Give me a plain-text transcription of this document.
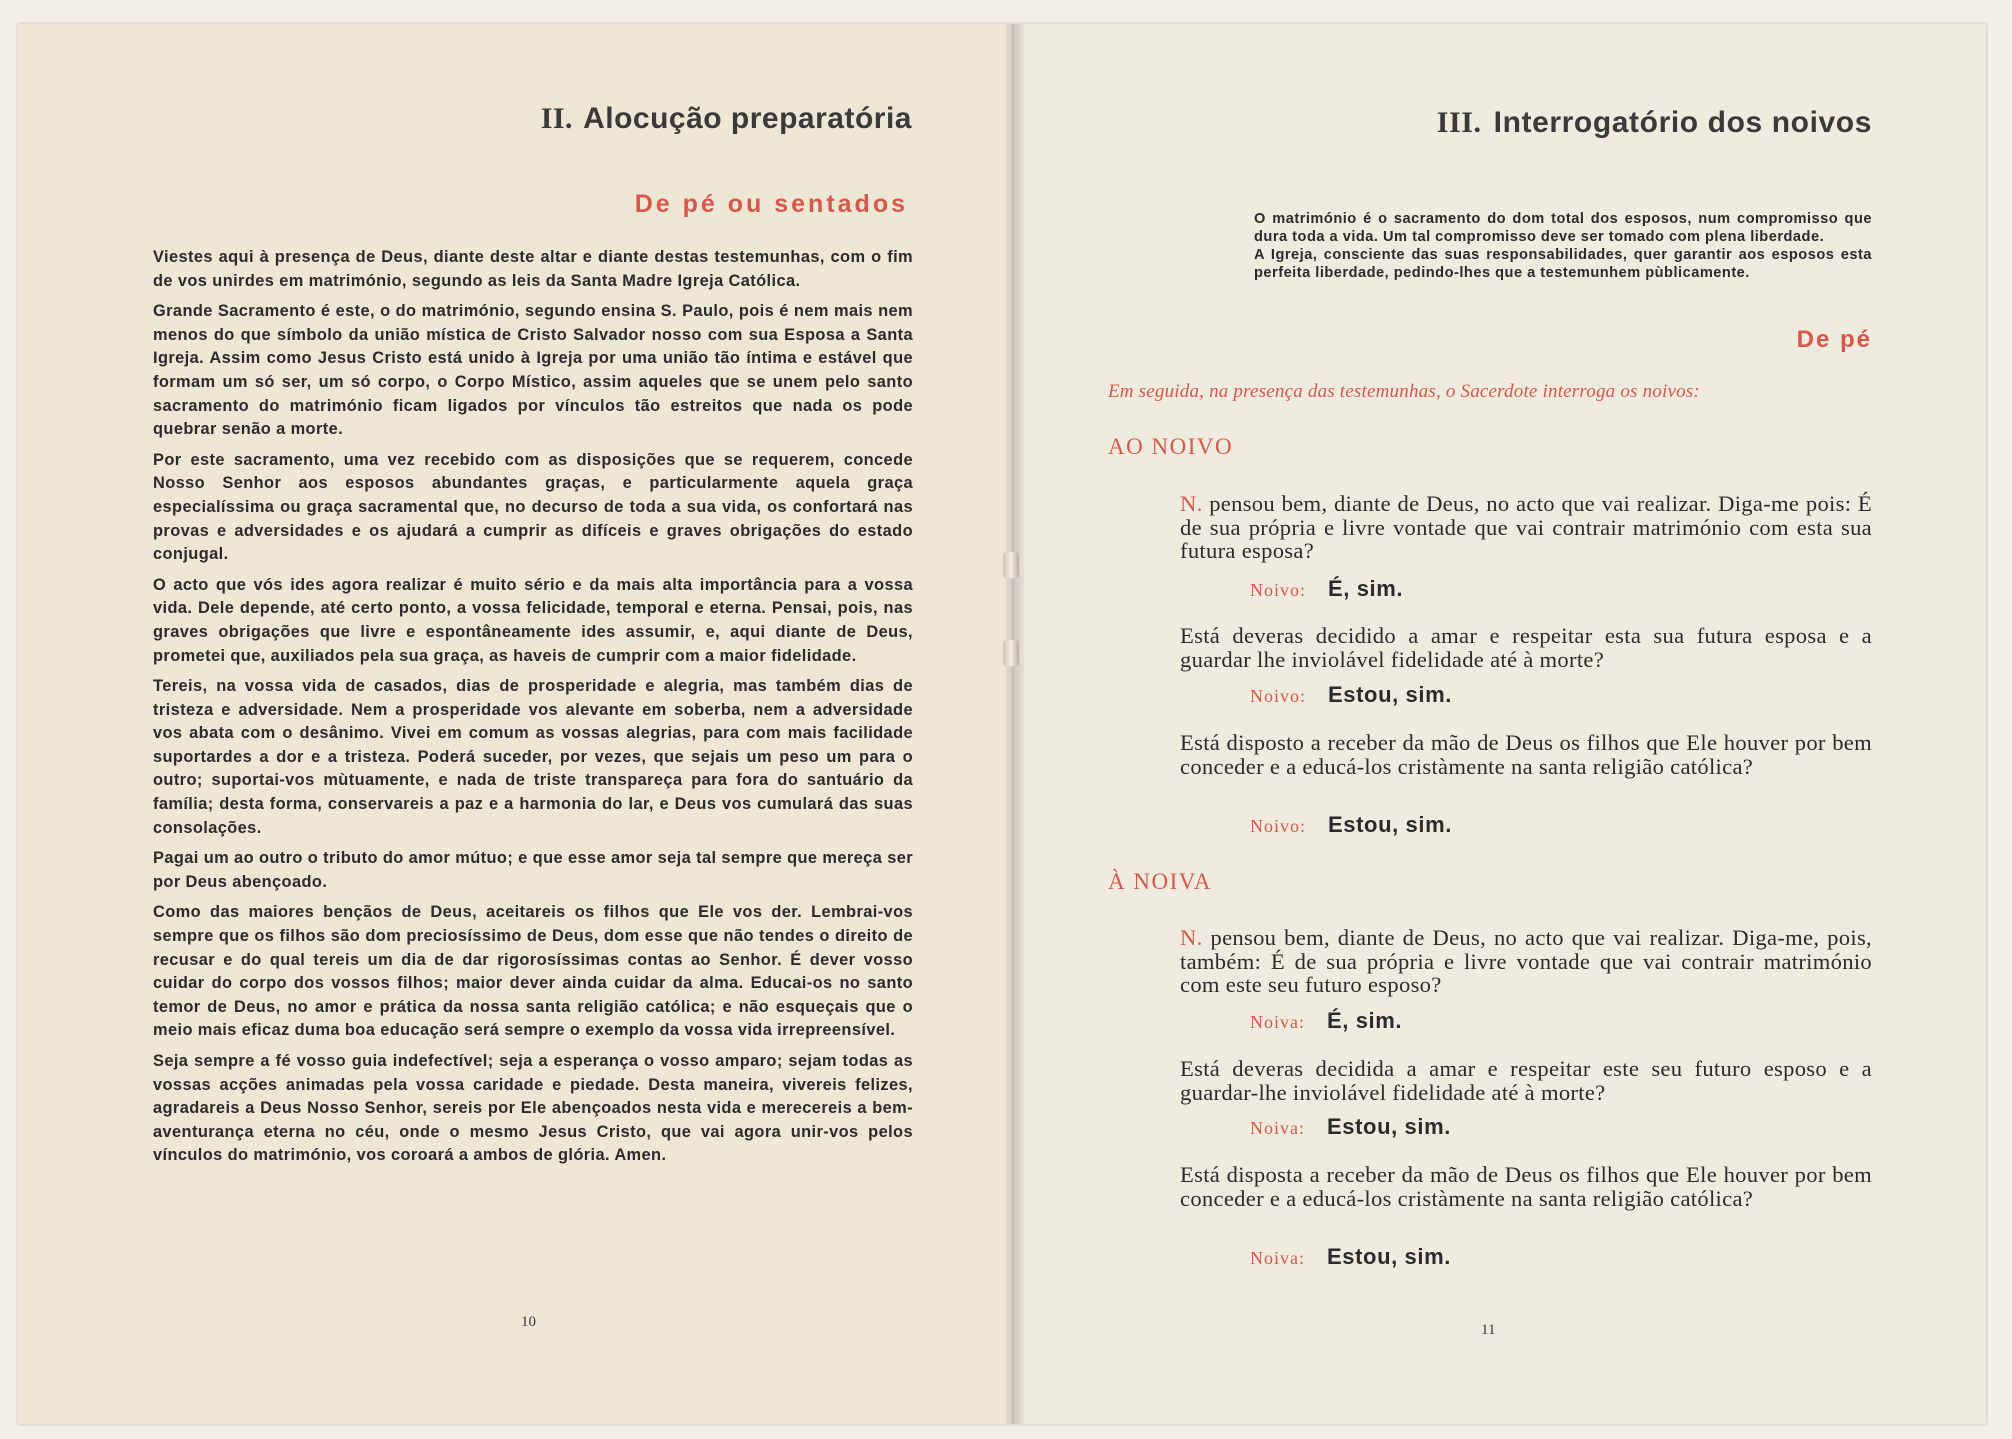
II. Alocução preparatória
De pé ou sentados

Viestes aqui à presença de Deus, diante deste altar e diante destas testemunhas, com o fim de vos unirdes em matrimónio, segundo as leis da Santa Madre Igreja Católica.

Grande Sacramento é este, o do matrimónio, segundo ensina S. Paulo, pois é nem mais nem menos do que símbolo da união mística de Cristo Salvador nosso com sua Esposa a Santa Igreja. Assim como Jesus Cristo está unido à Igreja por uma união tão íntima e estável que formam um só ser, um só corpo, o Corpo Místico, assim aqueles que se unem pelo santo sacramento do matrimónio ficam ligados por vínculos tão estreitos que nada os pode quebrar senão a morte.

Por este sacramento, uma vez recebido com as disposições que se requerem, concede Nosso Senhor aos esposos abundantes graças, e particularmente aquela graça especialíssima ou graça sacramental que, no decurso de toda a sua vida, os confortará nas provas e adversidades e os ajudará a cumprir as difíceis e graves obrigações do estado conjugal.

O acto que vós ides agora realizar é muito sério e da mais alta importância para a vossa vida. Dele depende, até certo ponto, a vossa felicidade, temporal e eterna. Pensai, pois, nas graves obrigações que livre e espontâneamente ides assumir, e, aqui diante de Deus, prometei que, auxiliados pela sua graça, as haveis de cumprir com a maior fidelidade.

Tereis, na vossa vida de casados, dias de prosperidade e alegria, mas também dias de tristeza e adversidade. Nem a prosperidade vos alevante em soberba, nem a adversidade vos abata com o desânimo. Vivei em comum as vossas alegrias, para com mais facilidade suportardes a dor e a tristeza. Poderá suceder, por vezes, que sejais um peso um para o outro; suportai-vos mùtuamente, e nada de triste transpareça para fora do santuário da família; desta forma, conservareis a paz e a harmonia do lar, e Deus vos cumulará das suas consolações.

Pagai um ao outro o tributo do amor mútuo; e que esse amor seja tal sempre que mereça ser por Deus abençoado.

Como das maiores bençãos de Deus, aceitareis os filhos que Ele vos der. Lembrai-vos sempre que os filhos são dom preciosíssimo de Deus, dom esse que não tendes o direito de recusar e do qual tereis um dia de dar rigorosíssimas contas ao Senhor. É dever vosso cuidar do corpo dos vossos filhos; maior dever ainda cuidar da alma. Educai-os no santo temor de Deus, no amor e prática da nossa santa religião católica; e não esqueçais que o meio mais eficaz duma boa educação será sempre o exemplo da vossa vida irrepreensível.

Seja sempre a fé vosso guia indefectível; seja a esperança o vosso amparo; sejam todas as vossas acções animadas pela vossa caridade e piedade. Desta maneira, vivereis felizes, agradareis a Deus Nosso Senhor, sereis por Ele abençoados nesta vida e merecereis a bem-aventurança eterna no céu, onde o mesmo Jesus Cristo, que vai agora unir-vos pelos vínculos do matrimónio, vos coroará a ambos de glória. Amen.

10
III. Interrogatório dos noivos

O matrimónio é o sacramento do dom total dos esposos, num compromisso que dura toda a vida. Um tal compromisso deve ser tomado com plena liberdade.

A Igreja, consciente das suas responsabilidades, quer garantir aos esposos esta perfeita liberdade, pedindo-lhes que a testemunhem pùblicamente.

De pé
Em seguida, na presença das testemunhas, o Sacerdote interroga os noivos:
AO NOIVO
N. pensou bem, diante de Deus, no acto que vai realizar. Diga-me pois: É de sua própria e livre vontade que vai contrair matrimónio com esta sua futura esposa?
Noivo: É, sim.
Está deveras decidido a amar e respeitar esta sua futura esposa e a guardar lhe inviolável fidelidade até à morte?
Noivo: Estou, sim.
Está disposto a receber da mão de Deus os filhos que Ele houver por bem conceder e a educá-los cristàmente na santa religião católica?
Noivo: Estou, sim.
À NOIVA
N. pensou bem, diante de Deus, no acto que vai realizar. Diga-me, pois, também: É de sua própria e livre vontade que vai contrair matrimónio com este seu futuro esposo?
Noiva: É, sim.
Está deveras decidida a amar e respeitar este seu futuro esposo e a guardar-lhe inviolável fidelidade até à morte?
Noiva: Estou, sim.
Está disposta a receber da mão de Deus os filhos que Ele houver por bem conceder e a educá-los cristàmente na santa religião católica?
Noiva: Estou, sim.
11
